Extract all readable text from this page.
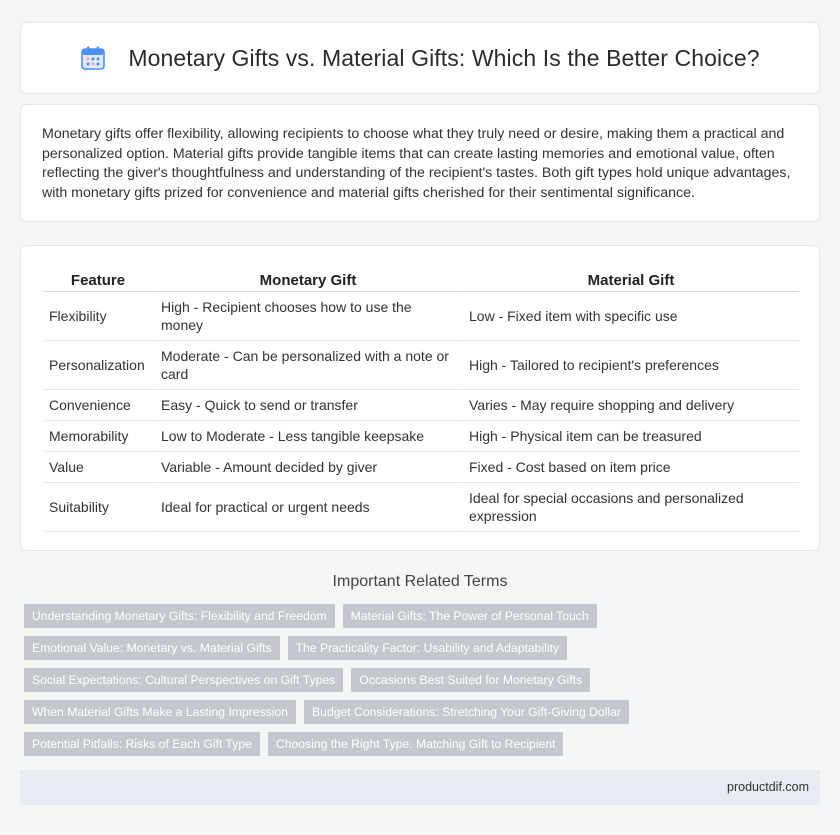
Monetary Gifts vs. Material Gifts: Which Is the Better Choice?

Monetary gifts offer flexibility, allowing recipients to choose what they truly need or desire, making them a practical and personalized option. Material gifts provide tangible items that can create lasting memories and emotional value, often reflecting the giver's thoughtfulness and understanding of the recipient's tastes. Both gift types hold unique advantages, with monetary gifts prized for convenience and material gifts cherished for their sentimental significance.

Feature	Monetary Gift	Material Gift
Flexibility	High - Recipient chooses how to use the money	Low - Fixed item with specific use
Personalization	Moderate - Can be personalized with a note or card	High - Tailored to recipient's preferences
Convenience	Easy - Quick to send or transfer	Varies - May require shopping and delivery
Memorability	Low to Moderate - Less tangible keepsake	High - Physical item can be treasured
Value	Variable - Amount decided by giver	Fixed - Cost based on item price
Suitability	Ideal for practical or urgent needs	Ideal for special occasions and personalized expression
Important Related Terms
Understanding Monetary Gifts: Flexibility and Freedom	Material Gifts: The Power of Personal Touch
Emotional Value: Monetary vs. Material Gifts	The Practicality Factor: Usability and Adaptability
Social Expectations: Cultural Perspectives on Gift Types	Occasions Best Suited for Monetary Gifts
When Material Gifts Make a Lasting Impression	Budget Considerations: Stretching Your Gift-Giving Dollar
Potential Pitfalls: Risks of Each Gift Type	Choosing the Right Type: Matching Gift to Recipient
productdif.com
